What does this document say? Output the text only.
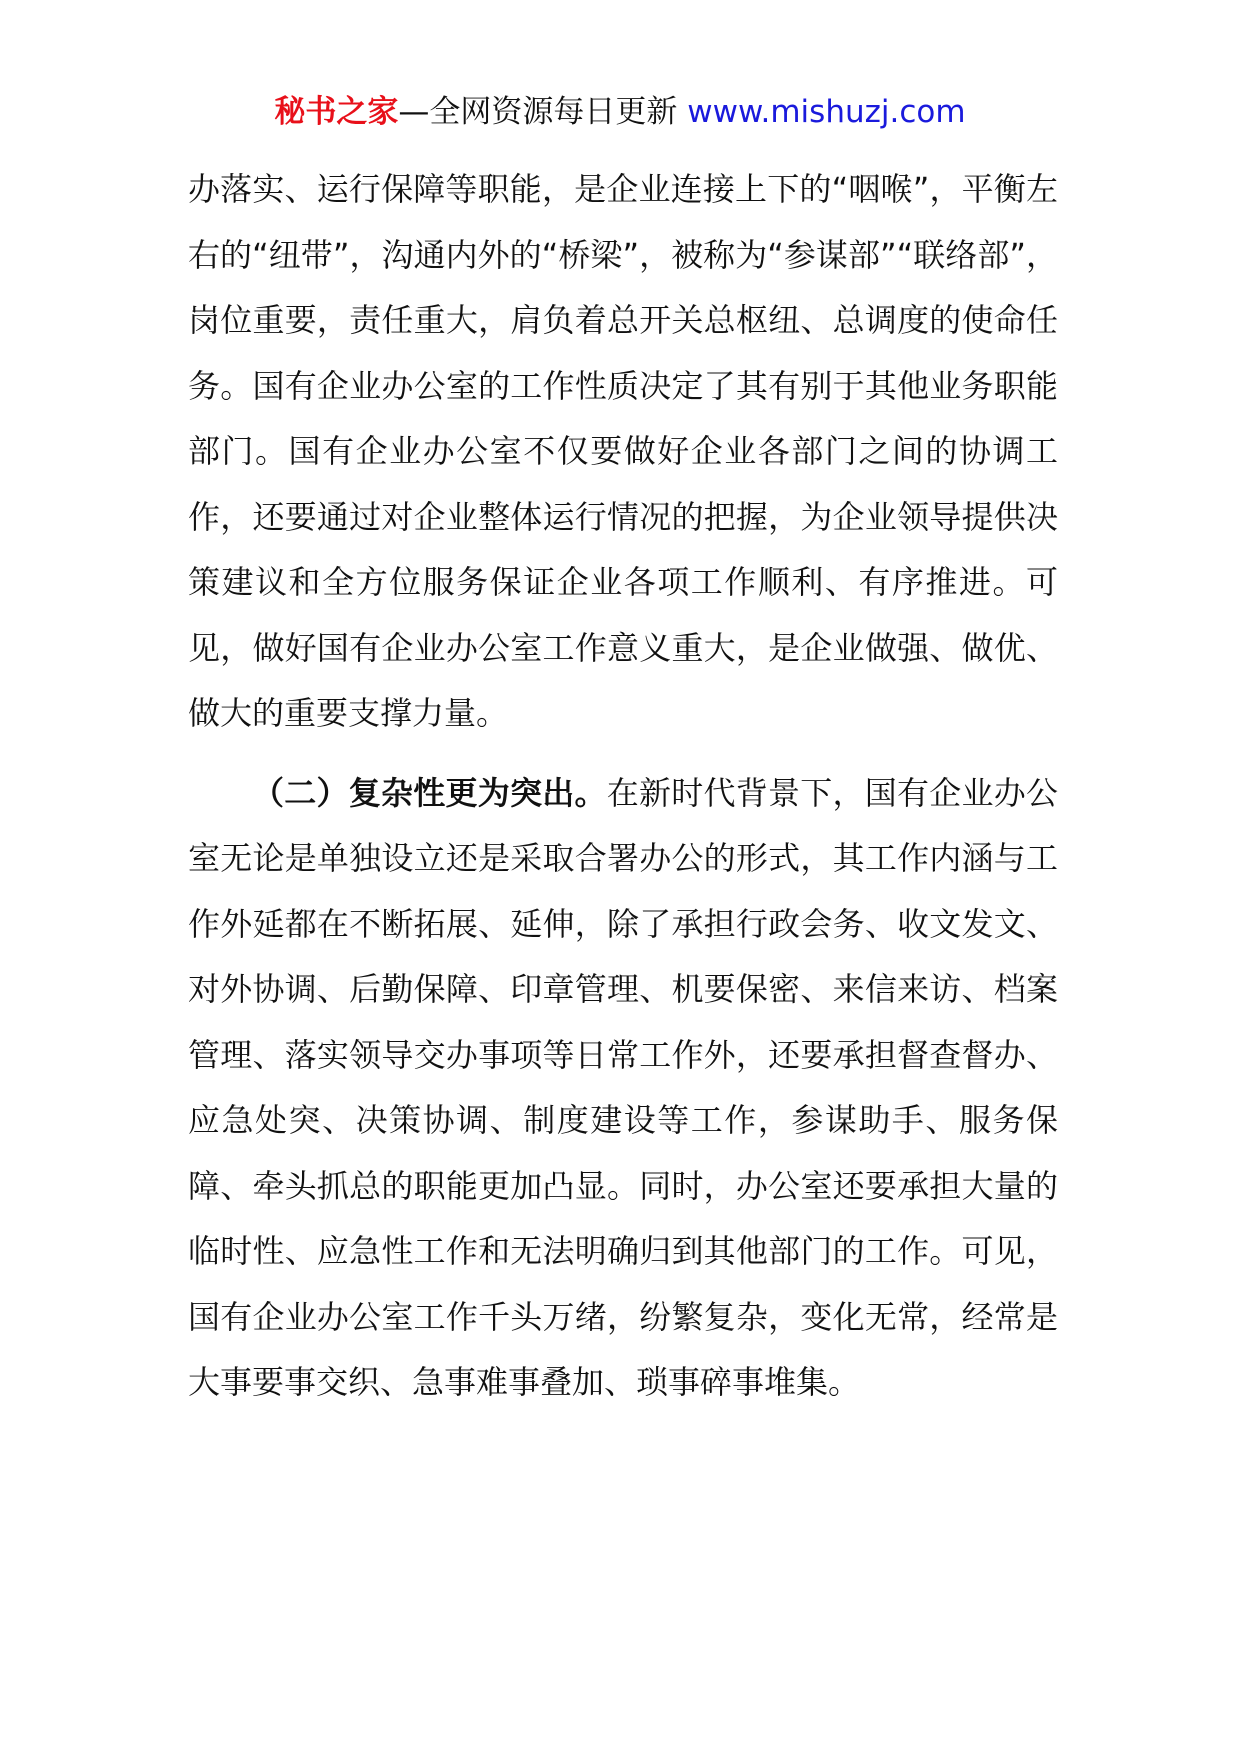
秘书之家—全网资源每日更新 www.mishuzj.com

办落实、运行保障等职能，是企业连接上下的“咽喉”，平衡左右的“纽带”，沟通内外的“桥梁”，被称为“参谋部”“联络部”，岗位重要，责任重大，肩负着总开关总枢纽、总调度的使命任务。国有企业办公室的工作性质决定了其有别于其他业务职能部门。国有企业办公室不仅要做好企业各部门之间的协调工作，还要通过对企业整体运行情况的把握，为企业领导提供决策建议和全方位服务保证企业各项工作顺利、有序推进。可见，做好国有企业办公室工作意义重大，是企业做强、做优、做大的重要支撑力量。

（二）复杂性更为突出。在新时代背景下，国有企业办公室无论是单独设立还是采取合署办公的形式，其工作内涵与工作外延都在不断拓展、延伸，除了承担行政会务、收文发文、对外协调、后勤保障、印章管理、机要保密、来信来访、档案管理、落实领导交办事项等日常工作外，还要承担督查督办、应急处突、决策协调、制度建设等工作，参谋助手、服务保障、牵头抓总的职能更加凸显。同时，办公室还要承担大量的临时性、应急性工作和无法明确归到其他部门的工作。可见，国有企业办公室工作千头万绪，纷繁复杂，变化无常，经常是大事要事交织、急事难事叠加、琐事碎事堆集。
